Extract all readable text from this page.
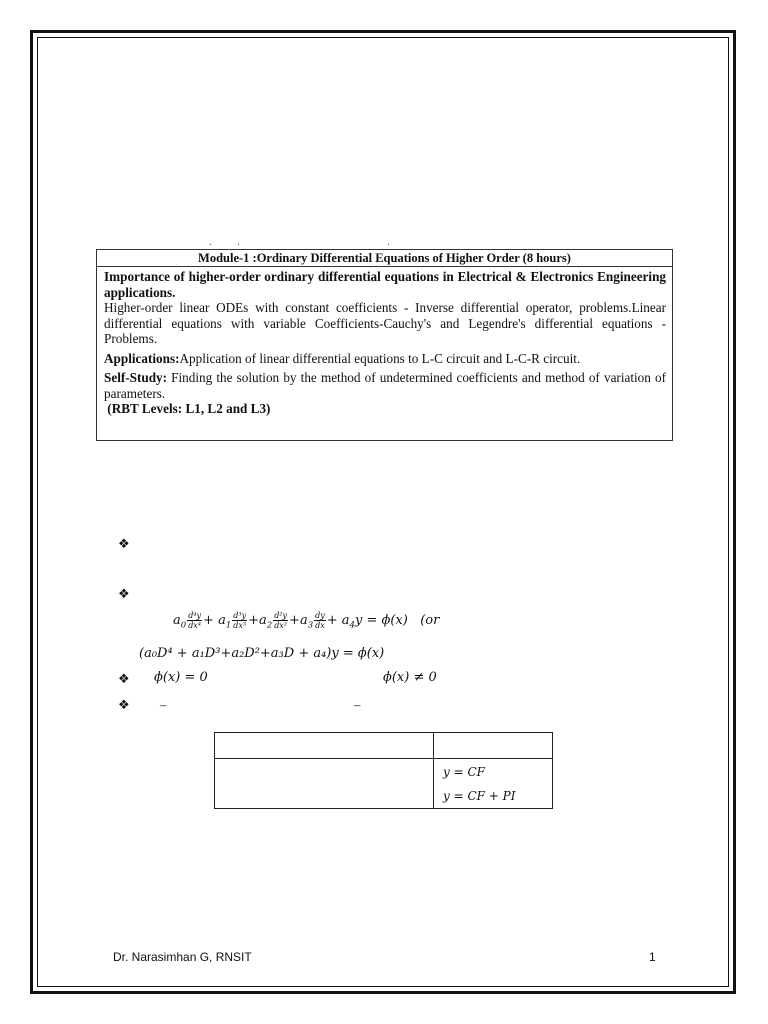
·     ·	·
Module-1 :Ordinary Differential Equations of Higher Order (8 hours)

Importance of higher-order ordinary differential equations in Electrical & Electronics Engineering applications.

Higher-order linear ODEs with constant coefficients - Inverse differential operator, problems.Linear differential equations with variable Coefficients-Cauchy's and Legendre's differential equations - Problems.

Applications:Application of linear differential equations to L-C circuit and L-C-R circuit.

Self-Study: Finding the solution by the method of undetermined coefficients and method of variation of parameters.

(RBT Levels: L1, L2 and L3)

❖
❖
❖
❖
$a_0 \frac{\text{d⁴y}}{\text{dx⁴}} + a_1 \frac{\text{d³y}}{\text{dx³}} +a_2 \frac{\text{d²y}}{\text{dx²}} +a_3 \frac{dy}{dx} + a_4y = \phi(x)$   (or
(a₀D⁴ + a₁D³+a₂D²+a₃D + a₄)y = ϕ(x)
ϕ(x) = 0	ϕ(x) ≠ 0
–	–

	y = CF
y = CF + PI
Dr. Narasimhan G, RNSIT	1
